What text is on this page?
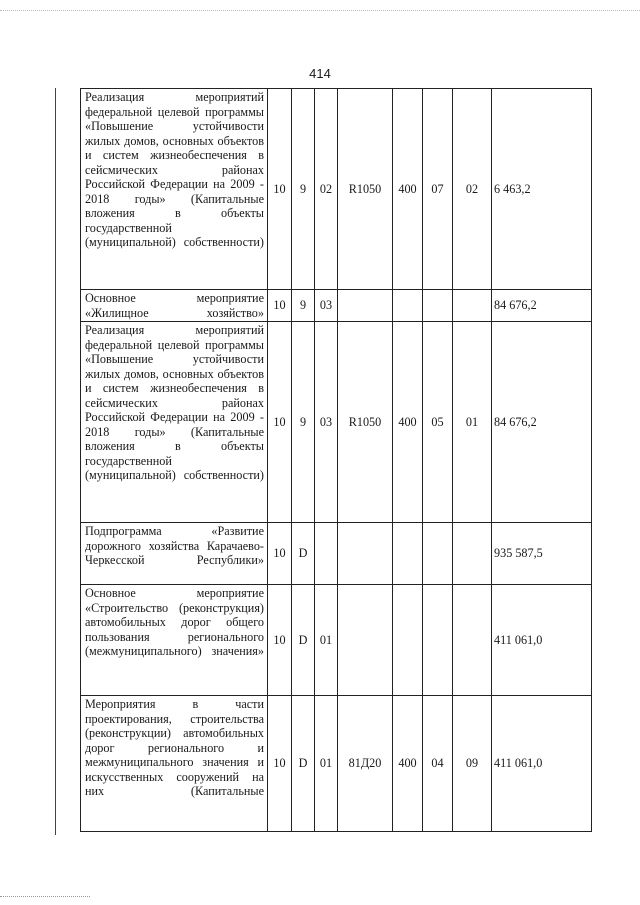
414
Реализация мероприятий федеральной целевой программы «Повышение устойчивости жилых домов, основных объектов и систем жизнеобеспечения в сейсмических районах Российской Федерации на 2009 - 2018 годы» (Капитальные вложения в объекты государственной (муниципальной) собственности)	10	9	02	R1050	400	07	02	6 463,2
Основное мероприятие «Жилищное хозяйство»	10	9	03					84 676,2
Реализация мероприятий федеральной целевой программы «Повышение устойчивости жилых домов, основных объектов и систем жизнеобеспечения в сейсмических районах Российской Федерации на 2009 - 2018 годы» (Капитальные вложения в объекты государственной (муниципальной) собственности)	10	9	03	R1050	400	05	01	84 676,2
Подпрограмма «Развитие дорожного хозяйства Карачаево-Черкесской Республики»	10	D						935 587,5
Основное мероприятие «Строительство (реконструкция) автомобильных дорог общего пользования регионального (межмуниципального) значения»	10	D	01					411 061,0
Мероприятия в части проектирования, строительства (реконструкции) автомобильных дорог регионального и межмуниципального значения и искусственных сооружений на них (Капитальные	10	D	01	81Д20	400	04	09	411 061,0
